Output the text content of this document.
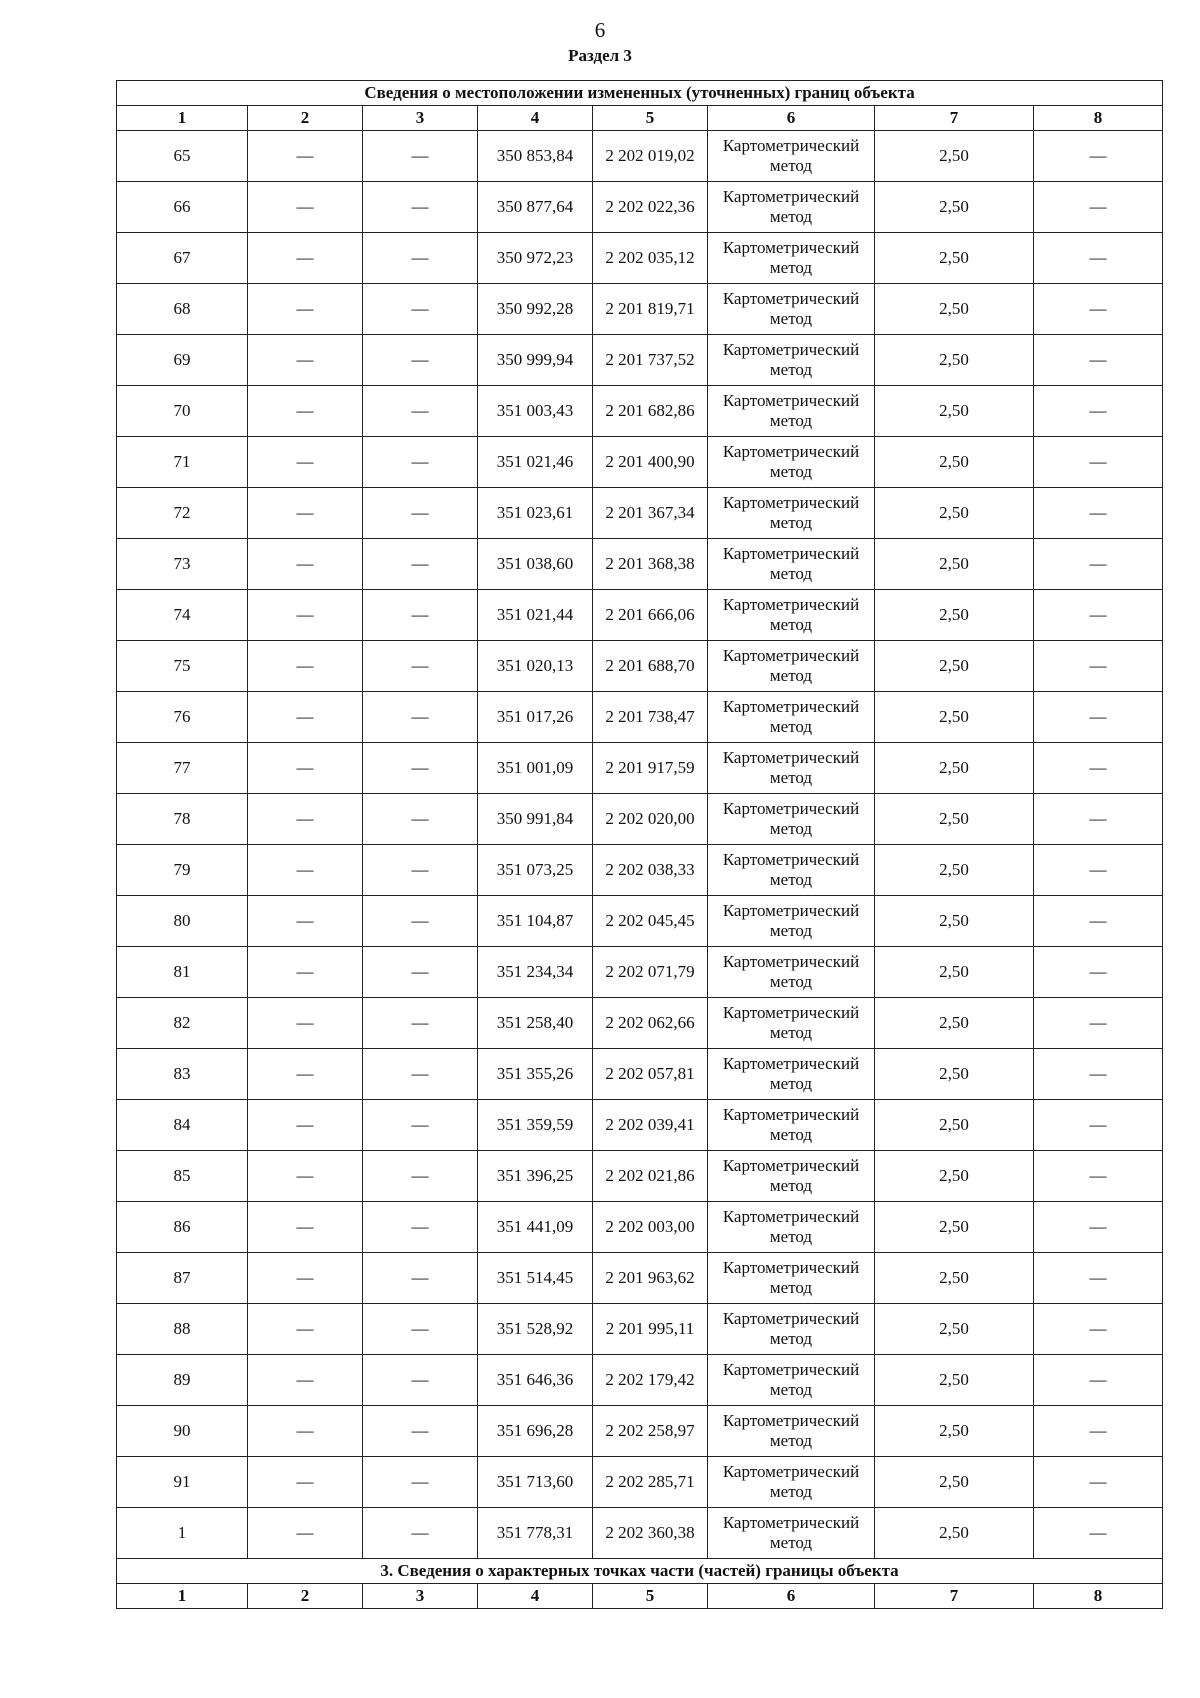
6
Раздел 3
Сведения о местоположении измененных (уточненных) границ объекта							
1	2	3	4	5	6	7	8
65	—	—	350 853,84	2 202 019,02	Картометрический метод	2,50	—
66	—	—	350 877,64	2 202 022,36	Картометрический метод	2,50	—
67	—	—	350 972,23	2 202 035,12	Картометрический метод	2,50	—
68	—	—	350 992,28	2 201 819,71	Картометрический метод	2,50	—
69	—	—	350 999,94	2 201 737,52	Картометрический метод	2,50	—
70	—	—	351 003,43	2 201 682,86	Картометрический метод	2,50	—
71	—	—	351 021,46	2 201 400,90	Картометрический метод	2,50	—
72	—	—	351 023,61	2 201 367,34	Картометрический метод	2,50	—
73	—	—	351 038,60	2 201 368,38	Картометрический метод	2,50	—
74	—	—	351 021,44	2 201 666,06	Картометрический метод	2,50	—
75	—	—	351 020,13	2 201 688,70	Картометрический метод	2,50	—
76	—	—	351 017,26	2 201 738,47	Картометрический метод	2,50	—
77	—	—	351 001,09	2 201 917,59	Картометрический метод	2,50	—
78	—	—	350 991,84	2 202 020,00	Картометрический метод	2,50	—
79	—	—	351 073,25	2 202 038,33	Картометрический метод	2,50	—
80	—	—	351 104,87	2 202 045,45	Картометрический метод	2,50	—
81	—	—	351 234,34	2 202 071,79	Картометрический метод	2,50	—
82	—	—	351 258,40	2 202 062,66	Картометрический метод	2,50	—
83	—	—	351 355,26	2 202 057,81	Картометрический метод	2,50	—
84	—	—	351 359,59	2 202 039,41	Картометрический метод	2,50	—
85	—	—	351 396,25	2 202 021,86	Картометрический метод	2,50	—
86	—	—	351 441,09	2 202 003,00	Картометрический метод	2,50	—
87	—	—	351 514,45	2 201 963,62	Картометрический метод	2,50	—
88	—	—	351 528,92	2 201 995,11	Картометрический метод	2,50	—
89	—	—	351 646,36	2 202 179,42	Картометрический метод	2,50	—
90	—	—	351 696,28	2 202 258,97	Картометрический метод	2,50	—
91	—	—	351 713,60	2 202 285,71	Картометрический метод	2,50	—
1	—	—	351 778,31	2 202 360,38	Картометрический метод	2,50	—
3. Сведения о характерных точках части (частей) границы объекта							
1	2	3	4	5	6	7	8
